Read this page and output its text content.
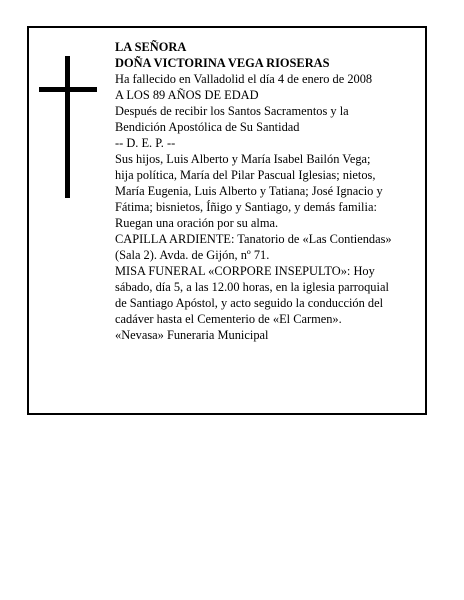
LA SEÑORA
DOÑA VICTORINA VEGA RIOSERAS
Ha fallecido en Valladolid el día 4 de enero de 2008
A LOS 89 AÑOS DE EDAD
Después de recibir los Santos Sacramentos y la
Bendición Apostólica de Su Santidad
-- D. E. P. --
Sus hijos, Luis Alberto y María Isabel Bailón Vega;
hija política, María del Pilar Pascual Iglesias; nietos,
María Eugenia, Luis Alberto y Tatiana; José Ignacio y
Fátima; bisnietos, Íñigo y Santiago, y demás familia:
Ruegan una oración por su alma.
CAPILLA ARDIENTE: Tanatorio de «Las Contiendas»
(Sala 2). Avda. de Gijón, nº 71.
MISA FUNERAL «CORPORE INSEPULTO»: Hoy
sábado, día 5, a las 12.00 horas, en la iglesia parroquial
de Santiago Apóstol, y acto seguido la conducción del
cadáver hasta el Cementerio de «El Carmen».
«Nevasa» Funeraria Municipal
